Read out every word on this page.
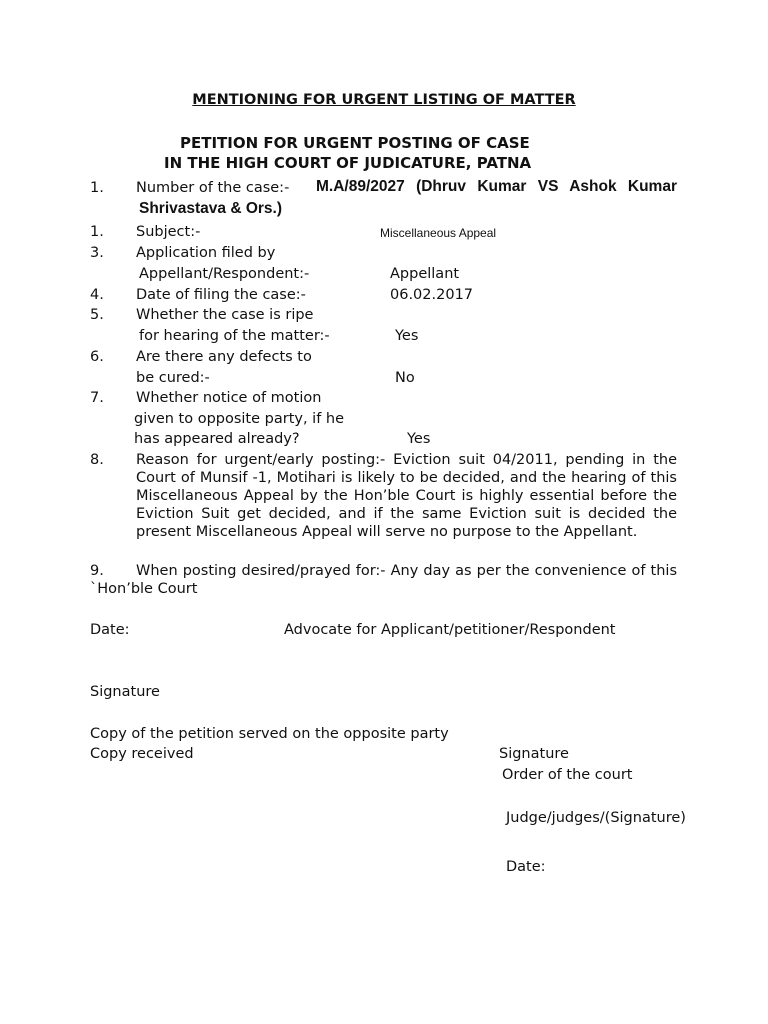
MENTIONING FOR URGENT LISTING OF MATTER
PETITION FOR URGENT POSTING OF CASE
IN THE HIGH COURT OF JUDICATURE, PATNA
1. Number of the case:- M.A/89/2027 (Dhruv Kumar VS Ashok Kumar
Shrivastava & Ors.)
1. Subject:-	Miscellaneous Appeal
3. Application filed by
Appellant/Respondent:-	Appellant
4. Date of filing the case:-	06.02.2017
5. Whether the case is ripe
for hearing of the matter:-	Yes
6. Are there any defects to
be cured:-	No
7. Whether notice of motion
given to opposite party, if he
has appeared already?	Yes
8. Reason for urgent/early posting:- Eviction suit 04/2011, pending in the Court of Munsif -1, Motihari is likely to be decided, and the hearing of this Miscellaneous Appeal by the Hon’ble Court is highly essential before the Eviction Suit get decided, and if the same Eviction suit is decided the present Miscellaneous Appeal will serve no purpose to the Appellant.
9. When posting desired/prayed for:- Any day as per the convenience of this `Hon’ble Court
Date:	Advocate for Applicant/petitioner/Respondent
Signature
Copy of the petition served on the opposite party
Copy received	Signature
Order of the court
Judge/judges/(Signature)
Date:
